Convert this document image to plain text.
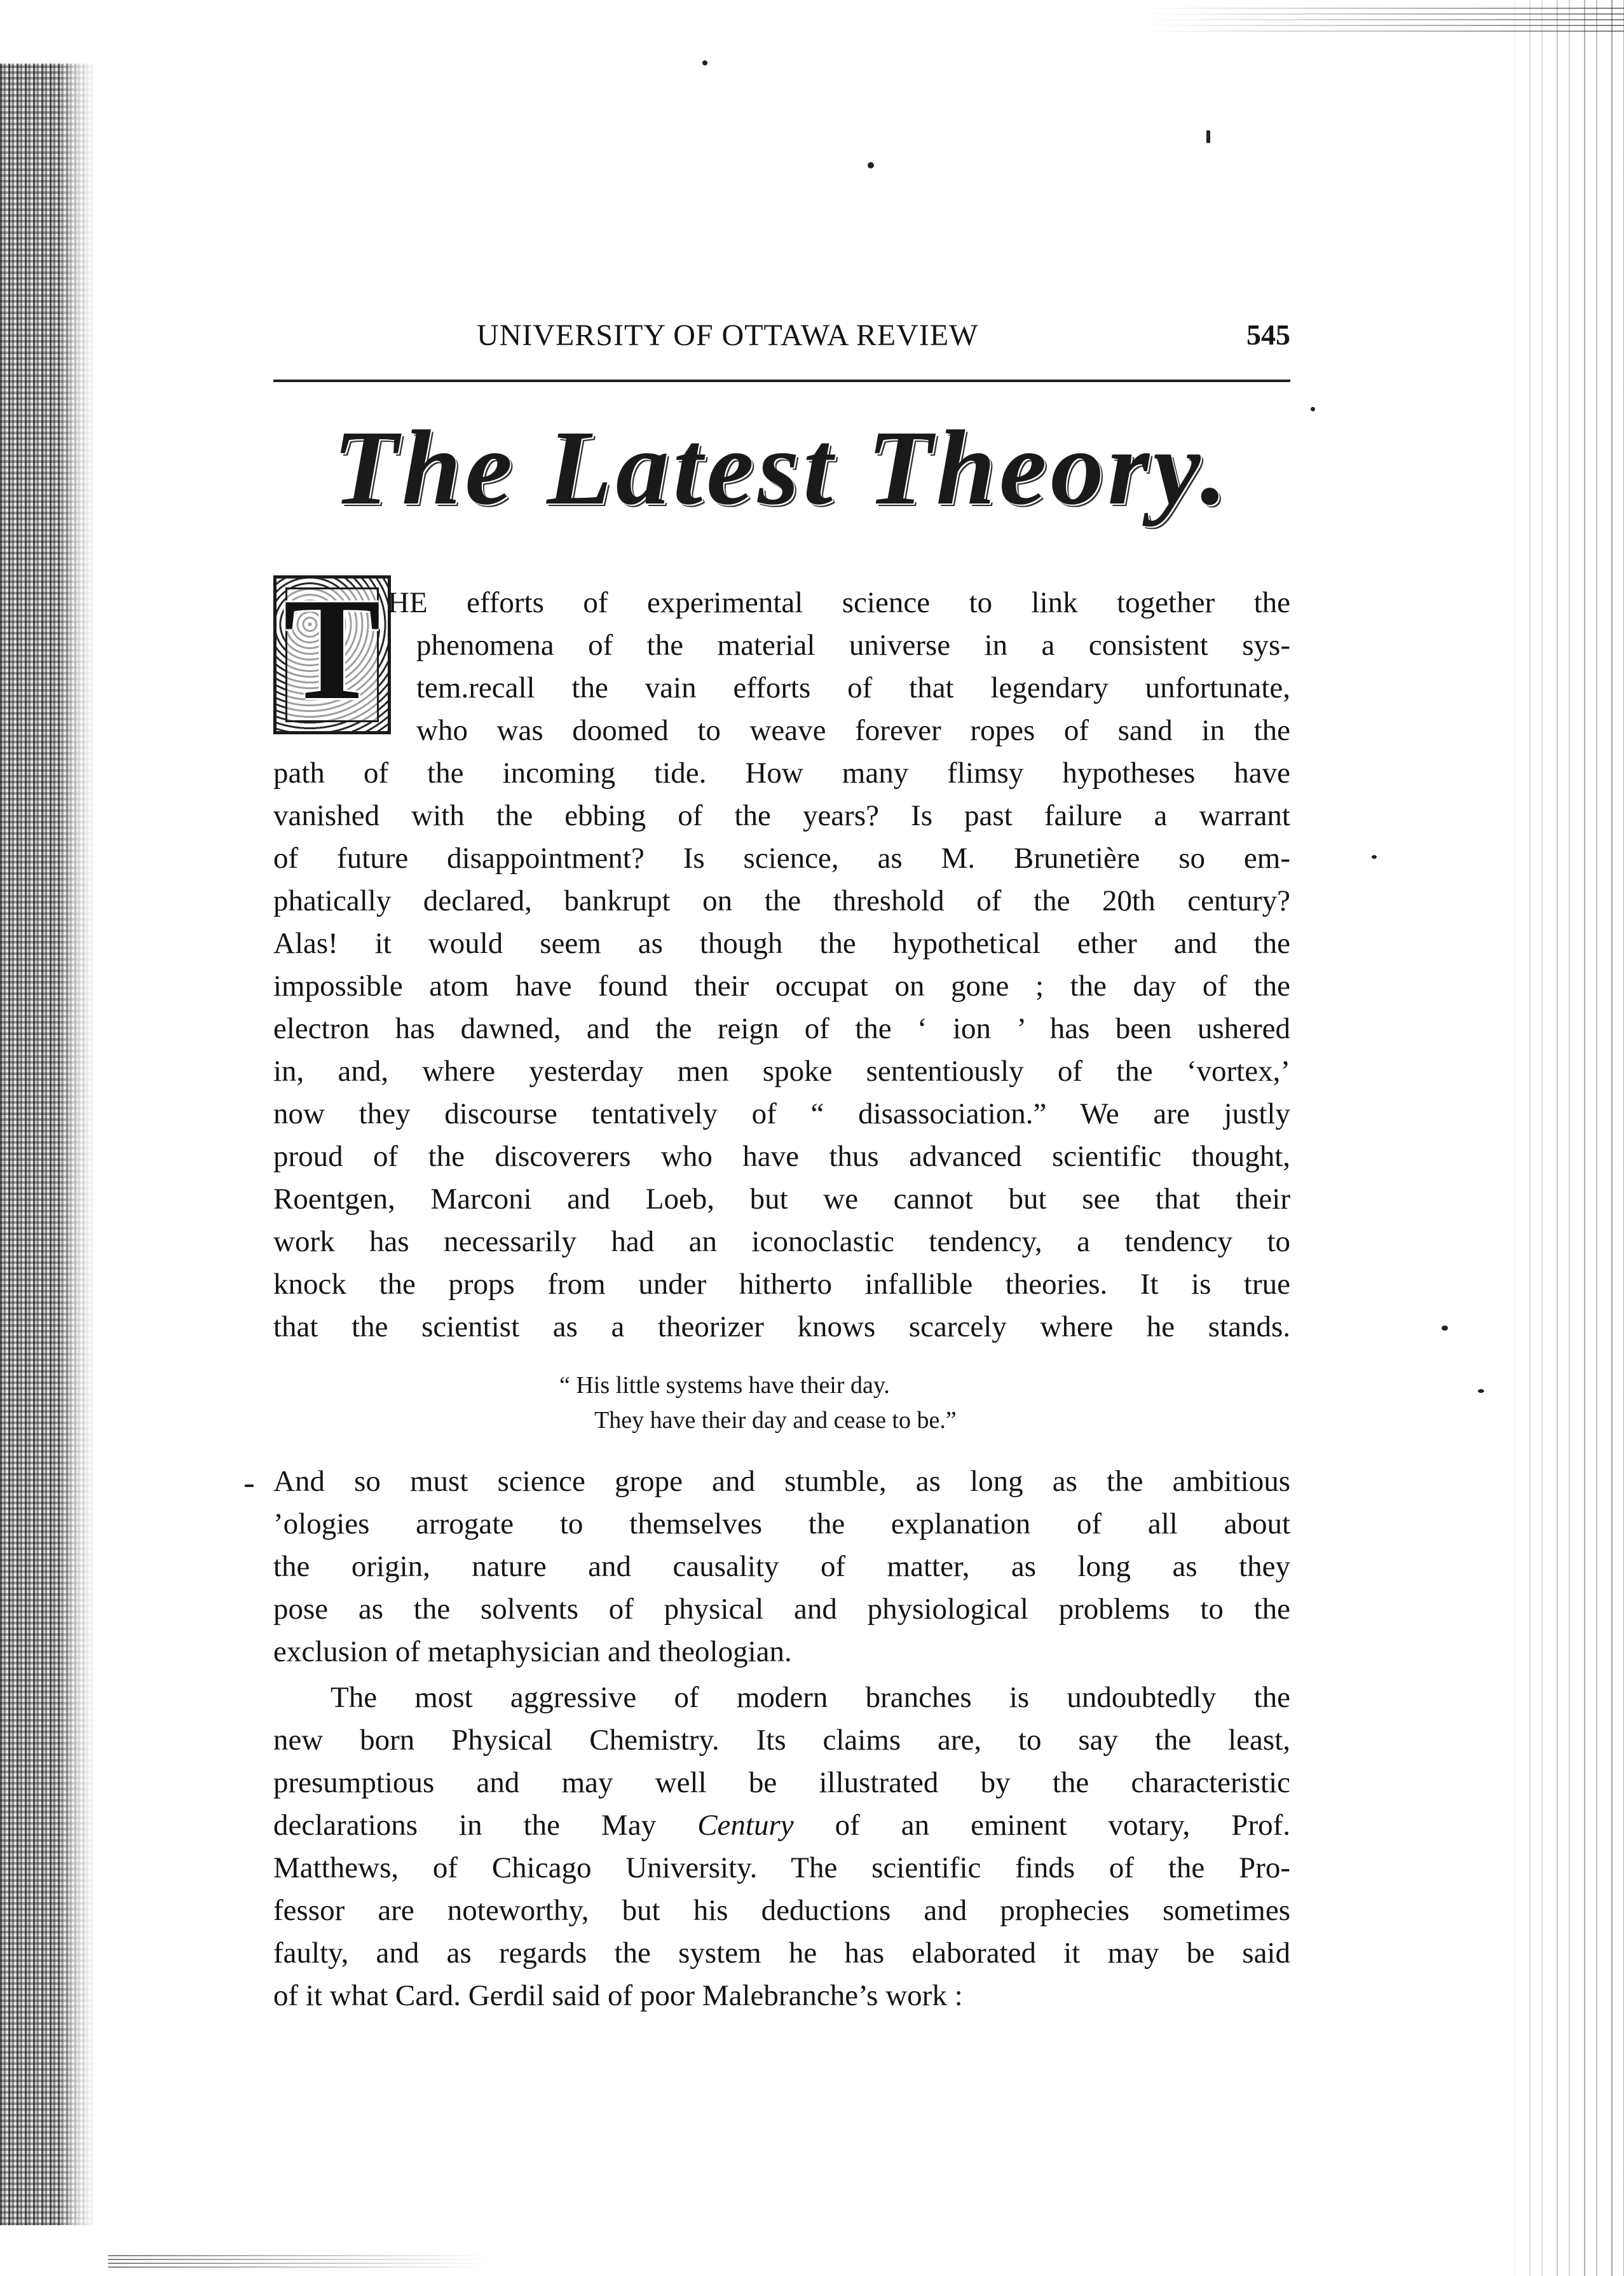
UNIVERSITY OF OTTAWA REVIEW	545
The Latest Theory.
T HE efforts of experimental science to link together the
phenomena of the material universe in a consistent sys-
tem.recall the vain efforts of that legendary unfortunate,
who was doomed to weave forever ropes of sand in the
path of the incoming tide. How many flimsy hypotheses have
vanished with the ebbing of the years? Is past failure a warrant
of future disappointment? Is science, as M. Brunetière so em-
phatically declared, bankrupt on the threshold of the 20th century?
Alas! it would seem as though the hypothetical ether and the
impossible atom have found their occupat on gone ; the day of the
electron has dawned, and the reign of the ‘ ion ’ has been ushered
in, and, where yesterday men spoke sententiously of the ‘vortex,’
now they discourse tentatively of “ disassociation.” We are justly
proud of the discoverers who have thus advanced scientific thought,
Roentgen, Marconi and Loeb, but we cannot but see that their
work has necessarily had an iconoclastic tendency, a tendency to
knock the props from under hitherto infallible theories. It is true
that the scientist as a theorizer knows scarcely where he stands.
“ His little systems have their day.
They have their day and cease to be.”
And so must science grope and stumble, as long as the ambitious
’ologies arrogate to themselves the explanation of all about
the origin, nature and causality of matter, as long as they
pose as the solvents of physical and physiological problems to the
exclusion of metaphysician and theologian.
The most aggressive of modern branches is undoubtedly the
new born Physical Chemistry. Its claims are, to say the least,
presumptious and may well be illustrated by the characteristic
declarations in the May Century of an eminent votary, Prof.
Matthews, of Chicago University. The scientific finds of the Pro-
fessor are noteworthy, but his deductions and prophecies sometimes
faulty, and as regards the system he has elaborated it may be said
of it what Card. Gerdil said of poor Malebranche’s work :
